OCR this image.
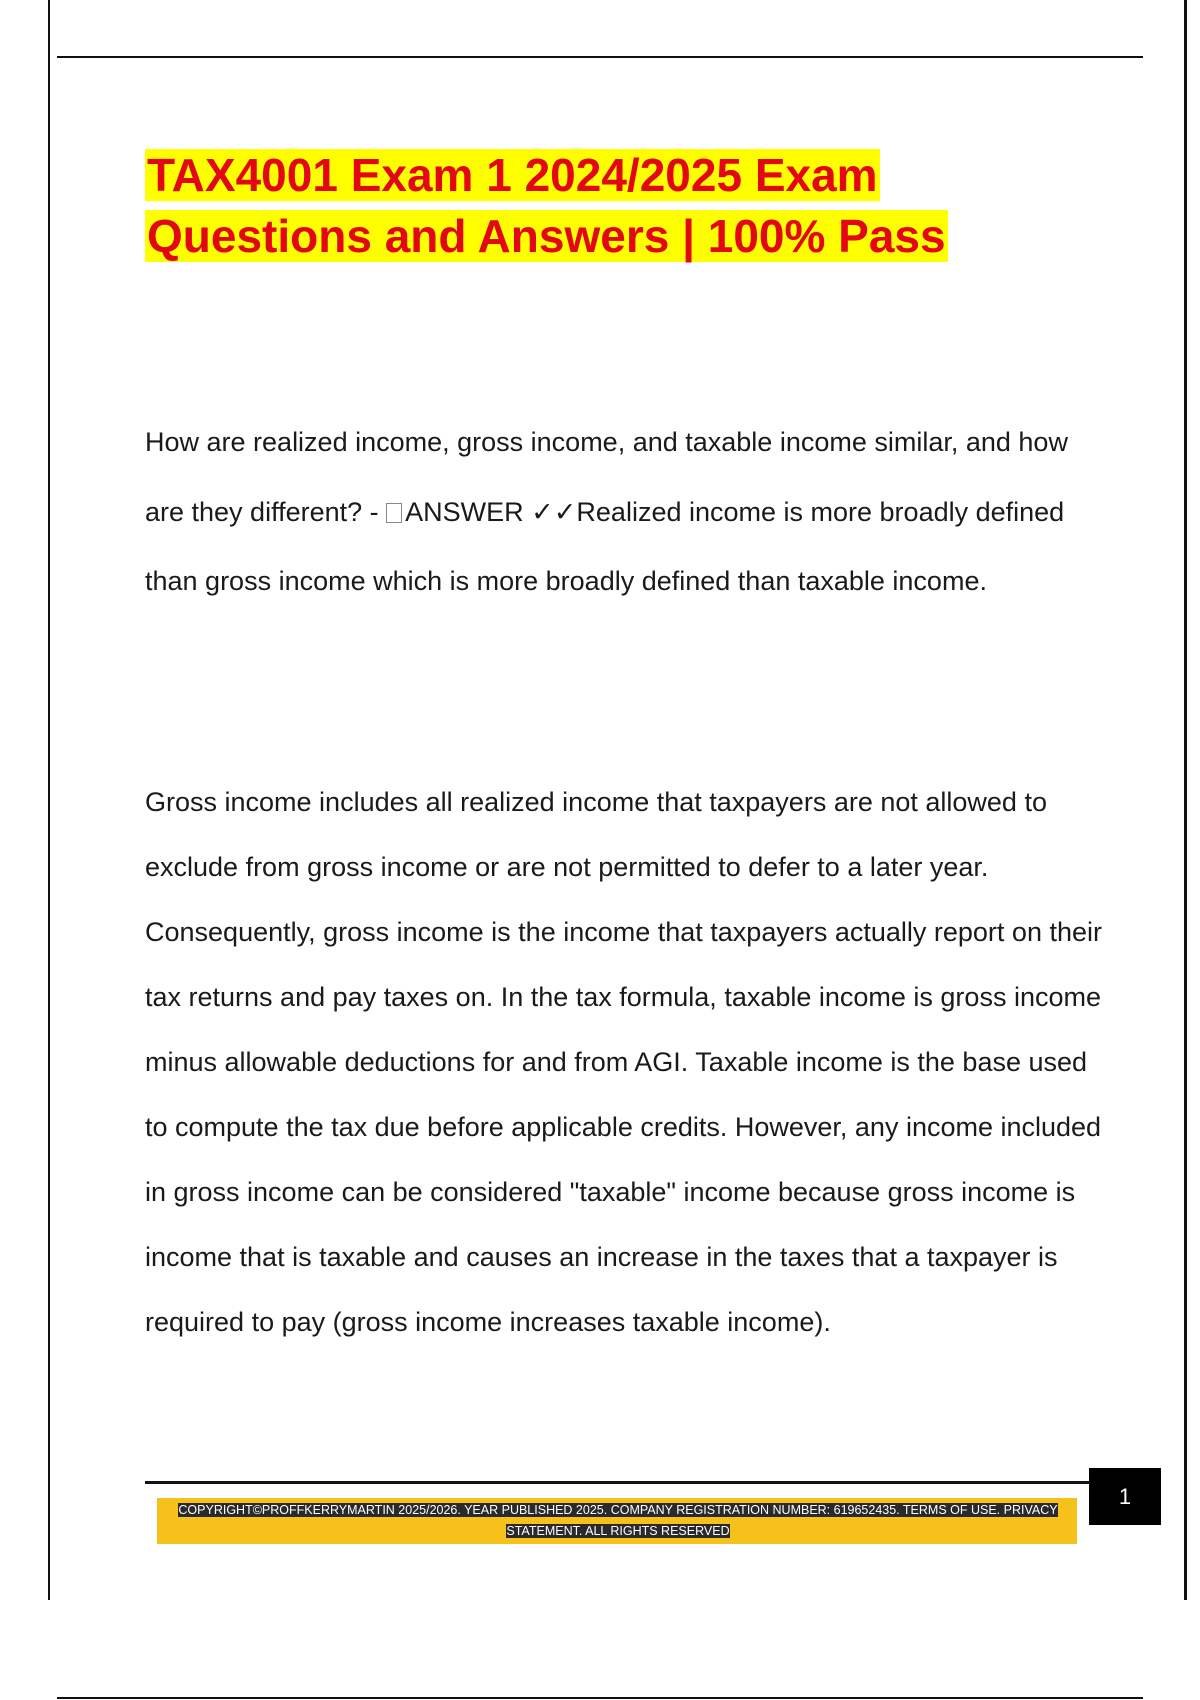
TAX4001 Exam 1 2024/2025 Exam Questions and Answers | 100% Pass

How are realized income, gross income, and taxable income similar, and how are they different? - ANSWER ✓✓Realized income is more broadly defined than gross income which is more broadly defined than taxable income.

Gross income includes all realized income that taxpayers are not allowed to exclude from gross income or are not permitted to defer to a later year. Consequently, gross income is the income that taxpayers actually report on their tax returns and pay taxes on. In the tax formula, taxable income is gross income minus allowable deductions for and from AGI. Taxable income is the base used to compute the tax due before applicable credits. However, any income included in gross income can be considered "taxable" income because gross income is income that is taxable and causes an increase in the taxes that a taxpayer is required to pay (gross income increases taxable income).

COPYRIGHT©PROFFKERRYMARTIN 2025/2026. YEAR PUBLISHED 2025. COMPANY REGISTRATION NUMBER: 619652435. TERMS OF USE. PRIVACY STATEMENT. ALL RIGHTS RESERVED

1
